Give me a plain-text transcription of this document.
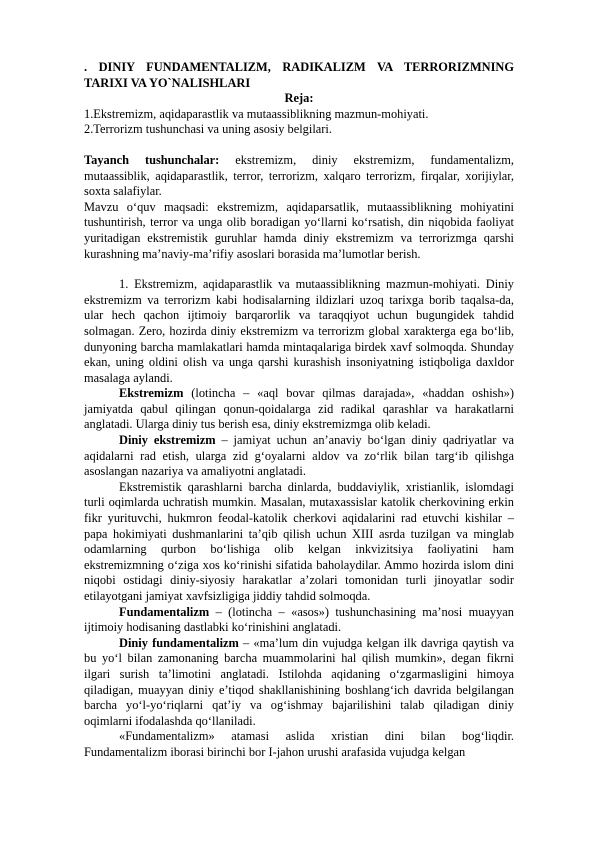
. DINIY FUNDAMENTALIZM, RADIKALIZM VA TERRORIZMNING TARIXI VA YO`NALISHLARI

Reja:

1.Ekstremizm, aqidaparastlik va mutaassiblikning mazmun-mohiyati.

2.Terrorizm tushunchasi va uning asosiy belgilari.

Tayanch tushunchalar: ekstremizm, diniy ekstremizm, fundamentalizm, mutaassiblik, aqidaparastlik, terror, terrorizm, xalqaro terrorizm, firqalar, xorijiylar, soxta salafiylar.

Mavzu o‘quv maqsadi: ekstremizm, aqidaparsatlik, mutaassiblikning mohiyatini tushuntirish, terror va unga olib boradigan yo‘llarni ko‘rsatish, din niqobida faoliyat yuritadigan ekstremistik guruhlar hamda diniy ekstremizm va terrorizmga qarshi kurashning ma’naviy-ma’rifiy asoslari borasida ma’lumotlar berish.

1. Ekstremizm, aqidaparastlik va mutaassiblikning mazmun-mohiyati. Diniy ekstremizm va terrorizm kabi hodisalarning ildizlari uzoq tarixga borib taqalsa-da, ular hech qachon ijtimoiy barqarorlik va taraqqiyot uchun bugungidek tahdid solmagan. Zero, hozirda diniy ekstremizm va terrorizm global xarakterga ega bo‘lib, dunyoning barcha mamlakatlari hamda mintaqalariga birdek xavf solmoqda. Shunday ekan, uning oldini olish va unga qarshi kurashish insoniyatning istiqboliga daxldor masalaga aylandi.

Ekstremizm (lotincha – «aql bovar qilmas darajada», «haddan oshish») jamiyatda qabul qilingan qonun-qoidalarga zid radikal qarashlar va harakatlarni anglatadi. Ularga diniy tus berish esa, diniy ekstremizmga olib keladi.

Diniy ekstremizm – jamiyat uchun an’anaviy bo‘lgan diniy qadriyatlar va aqidalarni rad etish, ularga zid g‘oyalarni aldov va zo‘rlik bilan targ‘ib qilishga asoslangan nazariya va amaliyotni anglatadi.

Ekstremistik qarashlarni barcha dinlarda, buddaviylik, xristianlik, islomdagi turli oqimlarda uchratish mumkin. Masalan, mutaxassislar katolik cherkovining erkin fikr yurituvchi, hukmron feodal-katolik cherkovi aqidalarini rad etuvchi kishilar – papa hokimiyati dushmanlarini ta’qib qilish uchun XIII asrda tuzilgan va minglab odamlarning qurbon bo‘lishiga olib kelgan inkvizitsiya faoliyatini ham ekstremizmning o‘ziga xos ko‘rinishi sifatida baholaydilar. Ammo hozirda islom dini niqobi ostidagi diniy-siyosiy harakatlar a’zolari tomonidan turli jinoyatlar sodir etilayotgani jamiyat xavfsizligiga jiddiy tahdid solmoqda.

Fundamentalizm – (lotincha – «asos») tushunchasining ma’nosi muayyan ijtimoiy hodisaning dastlabki ko‘rinishini anglatadi.

Diniy fundamentalizm – «ma’lum din vujudga kelgan ilk davriga qaytish va bu yo‘l bilan zamonaning barcha muammolarini hal qilish mumkin», degan fikrni ilgari surish ta’limotini anglatadi. Istilohda aqidaning o‘zgarmasligini himoya qiladigan, muayyan diniy e’tiqod shakllanishining boshlang‘ich davrida belgilangan barcha yo‘l-yo‘riqlarni qat’iy va og‘ishmay bajarilishini talab qiladigan diniy oqimlarni ifodalashda qo‘llaniladi.

«Fundamentalizm» atamasi aslida xristian dini bilan bog‘liqdir. Fundamentalizm iborasi birinchi bor I-jahon urushi arafasida vujudga kelgan
